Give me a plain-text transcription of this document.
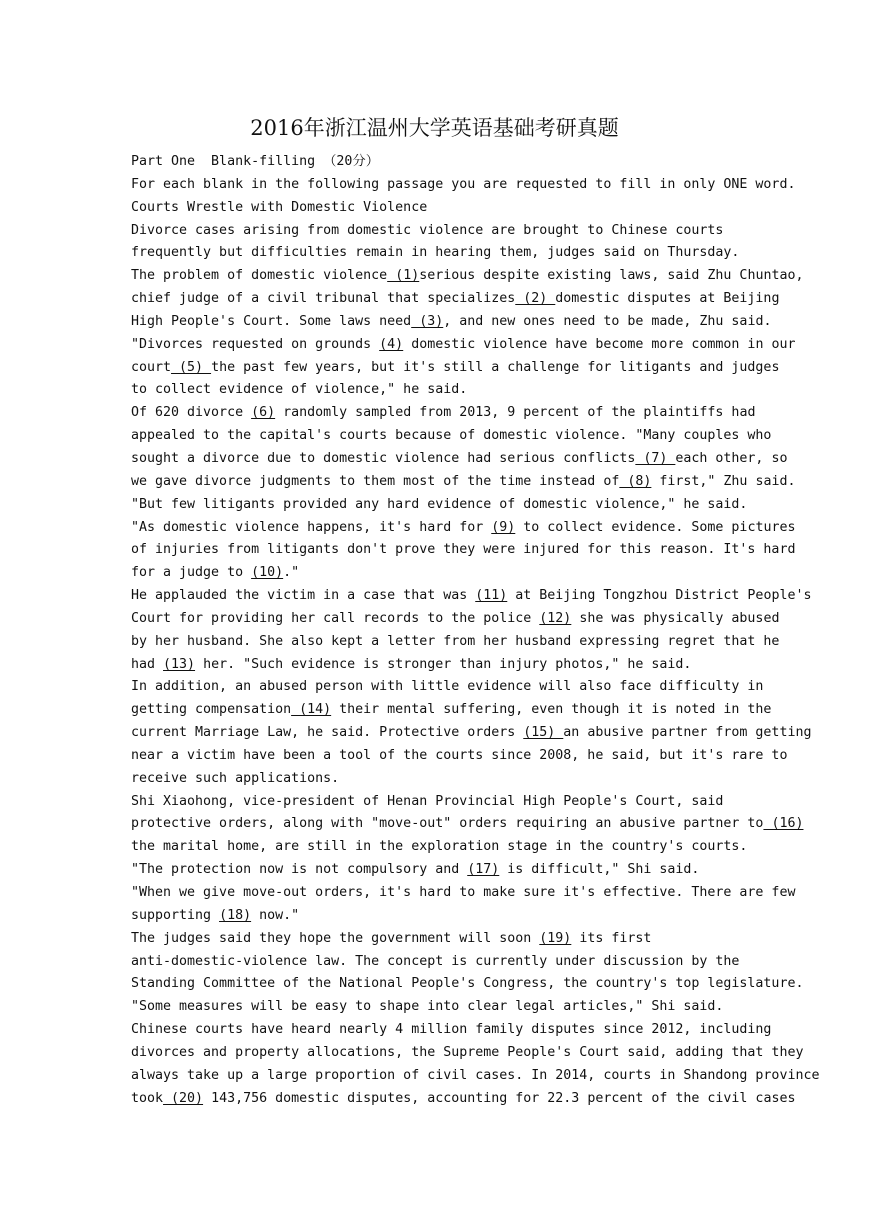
2016年浙江温州大学英语基础考研真题
Part One  Blank-filling （20分）
For each blank in the following passage you are requested to fill in only ONE word.
Courts Wrestle with Domestic Violence
Divorce cases arising from domestic violence are brought to Chinese courts
frequently but difficulties remain in hearing them, judges said on Thursday.
The problem of domestic violence (1)serious despite existing laws, said Zhu Chuntao,
chief judge of a civil tribunal that specializes (2) domestic disputes at Beijing
High People's Court. Some laws need (3), and new ones need to be made, Zhu said.
"Divorces requested on grounds (4) domestic violence have become more common in our
court (5) the past few years, but it's still a challenge for litigants and judges
to collect evidence of violence," he said.
Of 620 divorce (6) randomly sampled from 2013, 9 percent of the plaintiffs had
appealed to the capital's courts because of domestic violence. "Many couples who
sought a divorce due to domestic violence had serious conflicts (7) each other, so
we gave divorce judgments to them most of the time instead of (8) first," Zhu said.
"But few litigants provided any hard evidence of domestic violence," he said.
"As domestic violence happens, it's hard for (9) to collect evidence. Some pictures
of injuries from litigants don't prove they were injured for this reason. It's hard
for a judge to (10)."
He applauded the victim in a case that was (11) at Beijing Tongzhou District People's
Court for providing her call records to the police (12) she was physically abused
by her husband. She also kept a letter from her husband expressing regret that he
had (13) her. "Such evidence is stronger than injury photos," he said.
In addition, an abused person with little evidence will also face difficulty in
getting compensation (14) their mental suffering, even though it is noted in the
current Marriage Law, he said. Protective orders (15) an abusive partner from getting
near a victim have been a tool of the courts since 2008, he said, but it's rare to
receive such applications.
Shi Xiaohong, vice-president of Henan Provincial High People's Court, said
protective orders, along with "move-out" orders requiring an abusive partner to (16)
the marital home, are still in the exploration stage in the country's courts.
"The protection now is not compulsory and (17) is difficult," Shi said.
"When we give move-out orders, it's hard to make sure it's effective. There are few
supporting (18) now."
The judges said they hope the government will soon (19) its first
anti-domestic-violence law. The concept is currently under discussion by the
Standing Committee of the National People's Congress, the country's top legislature.
"Some measures will be easy to shape into clear legal articles," Shi said.
Chinese courts have heard nearly 4 million family disputes since 2012, including
divorces and property allocations, the Supreme People's Court said, adding that they
always take up a large proportion of civil cases. In 2014, courts in Shandong province
took (20) 143,756 domestic disputes, accounting for 22.3 percent of the civil cases
